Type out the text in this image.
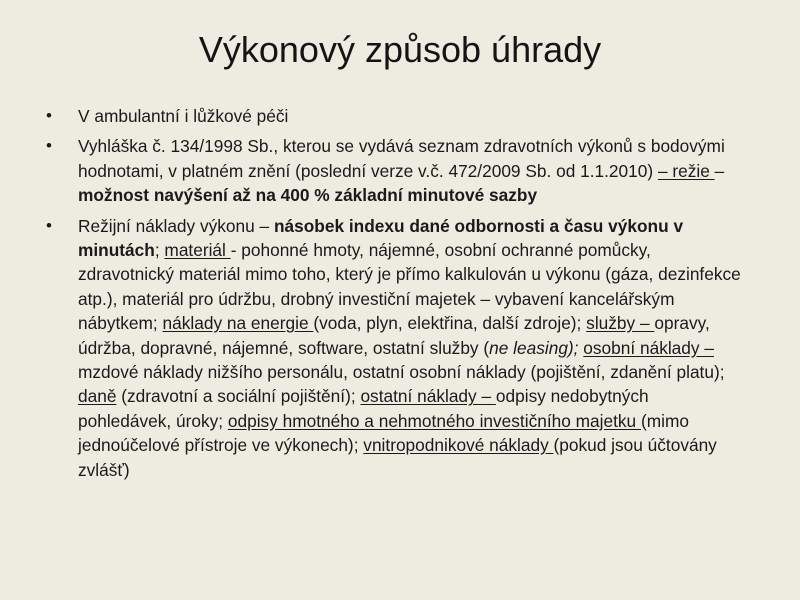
Výkonový způsob úhrady
• V ambulantní i lůžkové péči
• Vyhláška č. 134/1998 Sb., kterou se vydává seznam zdravotních výkonů s bodovými hodnotami, v platném znění (poslední verze v.č. 472/2009 Sb. od 1.1.2010) – režie – možnost navýšení až na 400 % základní minutové sazby
• Režijní náklady výkonu – násobek indexu dané odbornosti a času výkonu v minutách; materiál - pohonné hmoty, nájemné, osobní ochranné pomůcky, zdravotnický materiál mimo toho, který je přímo kalkulován u výkonu (gáza, dezinfekce atp.), materiál pro údržbu, drobný investiční majetek – vybavení kancelářským nábytkem; náklady na energie (voda, plyn, elektřina, další zdroje); služby – opravy, údržba, dopravné, nájemné, software, ostatní služby (ne leasing); osobní náklady – mzdové náklady nižšího personálu, ostatní osobní náklady (pojištění, zdanění platu); daně (zdravotní a sociální pojištění); ostatní náklady – odpisy nedobytných pohledávek, úroky; odpisy hmotného a nehmotného investičního majetku (mimo jednoúčelové přístroje ve výkonech); vnitropodnikové náklady (pokud jsou účtovány zvlášť)
